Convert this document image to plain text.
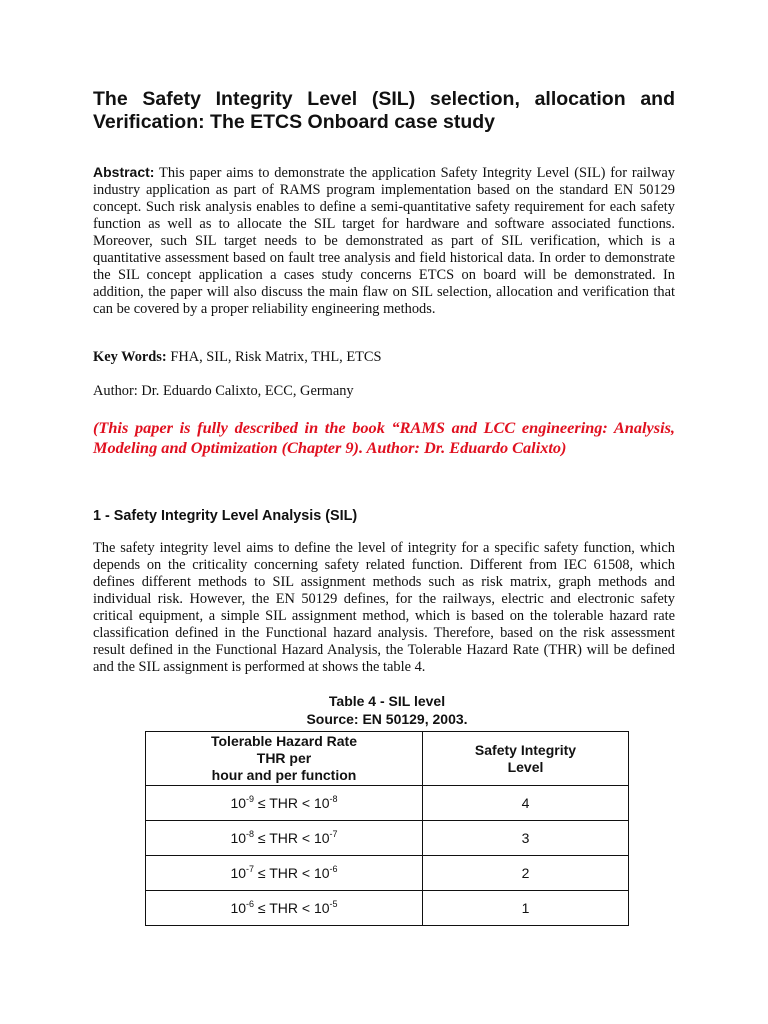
The Safety Integrity Level (SIL) selection, allocation and Verification: The ETCS Onboard case study

Abstract: This paper aims to demonstrate the application Safety Integrity Level (SIL) for railway industry application as part of RAMS program implementation based on the standard EN 50129 concept. Such risk analysis enables to define a semi-quantitative safety requirement for each safety function as well as to allocate the SIL target for hardware and software associated functions. Moreover, such SIL target needs to be demonstrated as part of SIL verification, which is a quantitative assessment based on fault tree analysis and field historical data. In order to demonstrate the SIL concept application a cases study concerns ETCS on board will be demonstrated. In addition, the paper will also discuss the main flaw on SIL selection, allocation and verification that can be covered by a proper reliability engineering methods.

Key Words: FHA, SIL, Risk Matrix, THL, ETCS

Author: Dr. Eduardo Calixto, ECC, Germany

(This paper is fully described in the book “RAMS and LCC engineering: Analysis, Modeling and Optimization (Chapter 9). Author: Dr. Eduardo Calixto)

1 - Safety Integrity Level Analysis (SIL)

The safety integrity level aims to define the level of integrity for a specific safety function, which depends on the criticality concerning safety related function. Different from IEC 61508, which defines different methods to SIL assignment methods such as risk matrix, graph methods and individual risk. However, the EN 50129 defines, for the railways, electric and electronic safety critical equipment, a simple SIL assignment method, which is based on the tolerable hazard rate classification defined in the Functional hazard analysis. Therefore, based on the risk assessment result defined in the Functional Hazard Analysis, the Tolerable Hazard Rate (THR) will be defined and the SIL assignment is performed at shows the table 4.

Table 4 - SIL level

Source: EN 50129, 2003.

Tolerable Hazard Rate
THR per
hour and per function	Safety Integrity
Level
$10^{-9}$ ≤ THR < $10^{-8}$	4
$10^{-8}$ ≤ THR < $10^{-7}$	3
$10^{-7}$ ≤ THR < $10^{-6}$	2
$10^{-6}$ ≤ THR < $10^{-5}$	1
